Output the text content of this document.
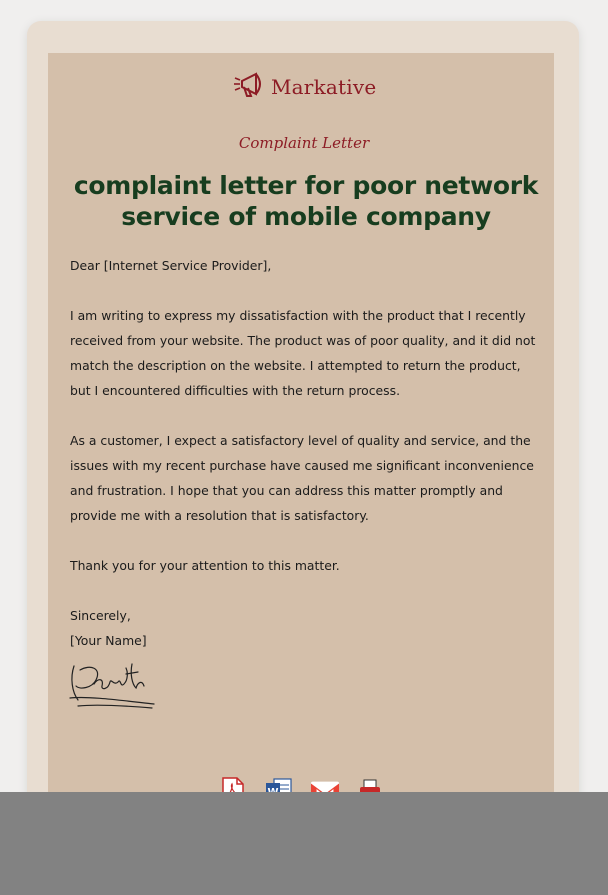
Markative
Complaint Letter
complaint letter for poor network service of mobile company
Dear [Internet Service Provider],
I am writing to express my dissatisfaction with the product that I recently received from your website. The product was of poor quality, and it did not match the description on the website. I attempted to return the product, but I encountered difficulties with the return process.
As a customer, I expect a satisfactory level of quality and service, and the issues with my recent purchase have caused me significant inconvenience and frustration. I hope that you can address this matter promptly and provide me with a resolution that is satisfactory.
Thank you for your attention to this matter.
Sincerely,
[Your Name]
